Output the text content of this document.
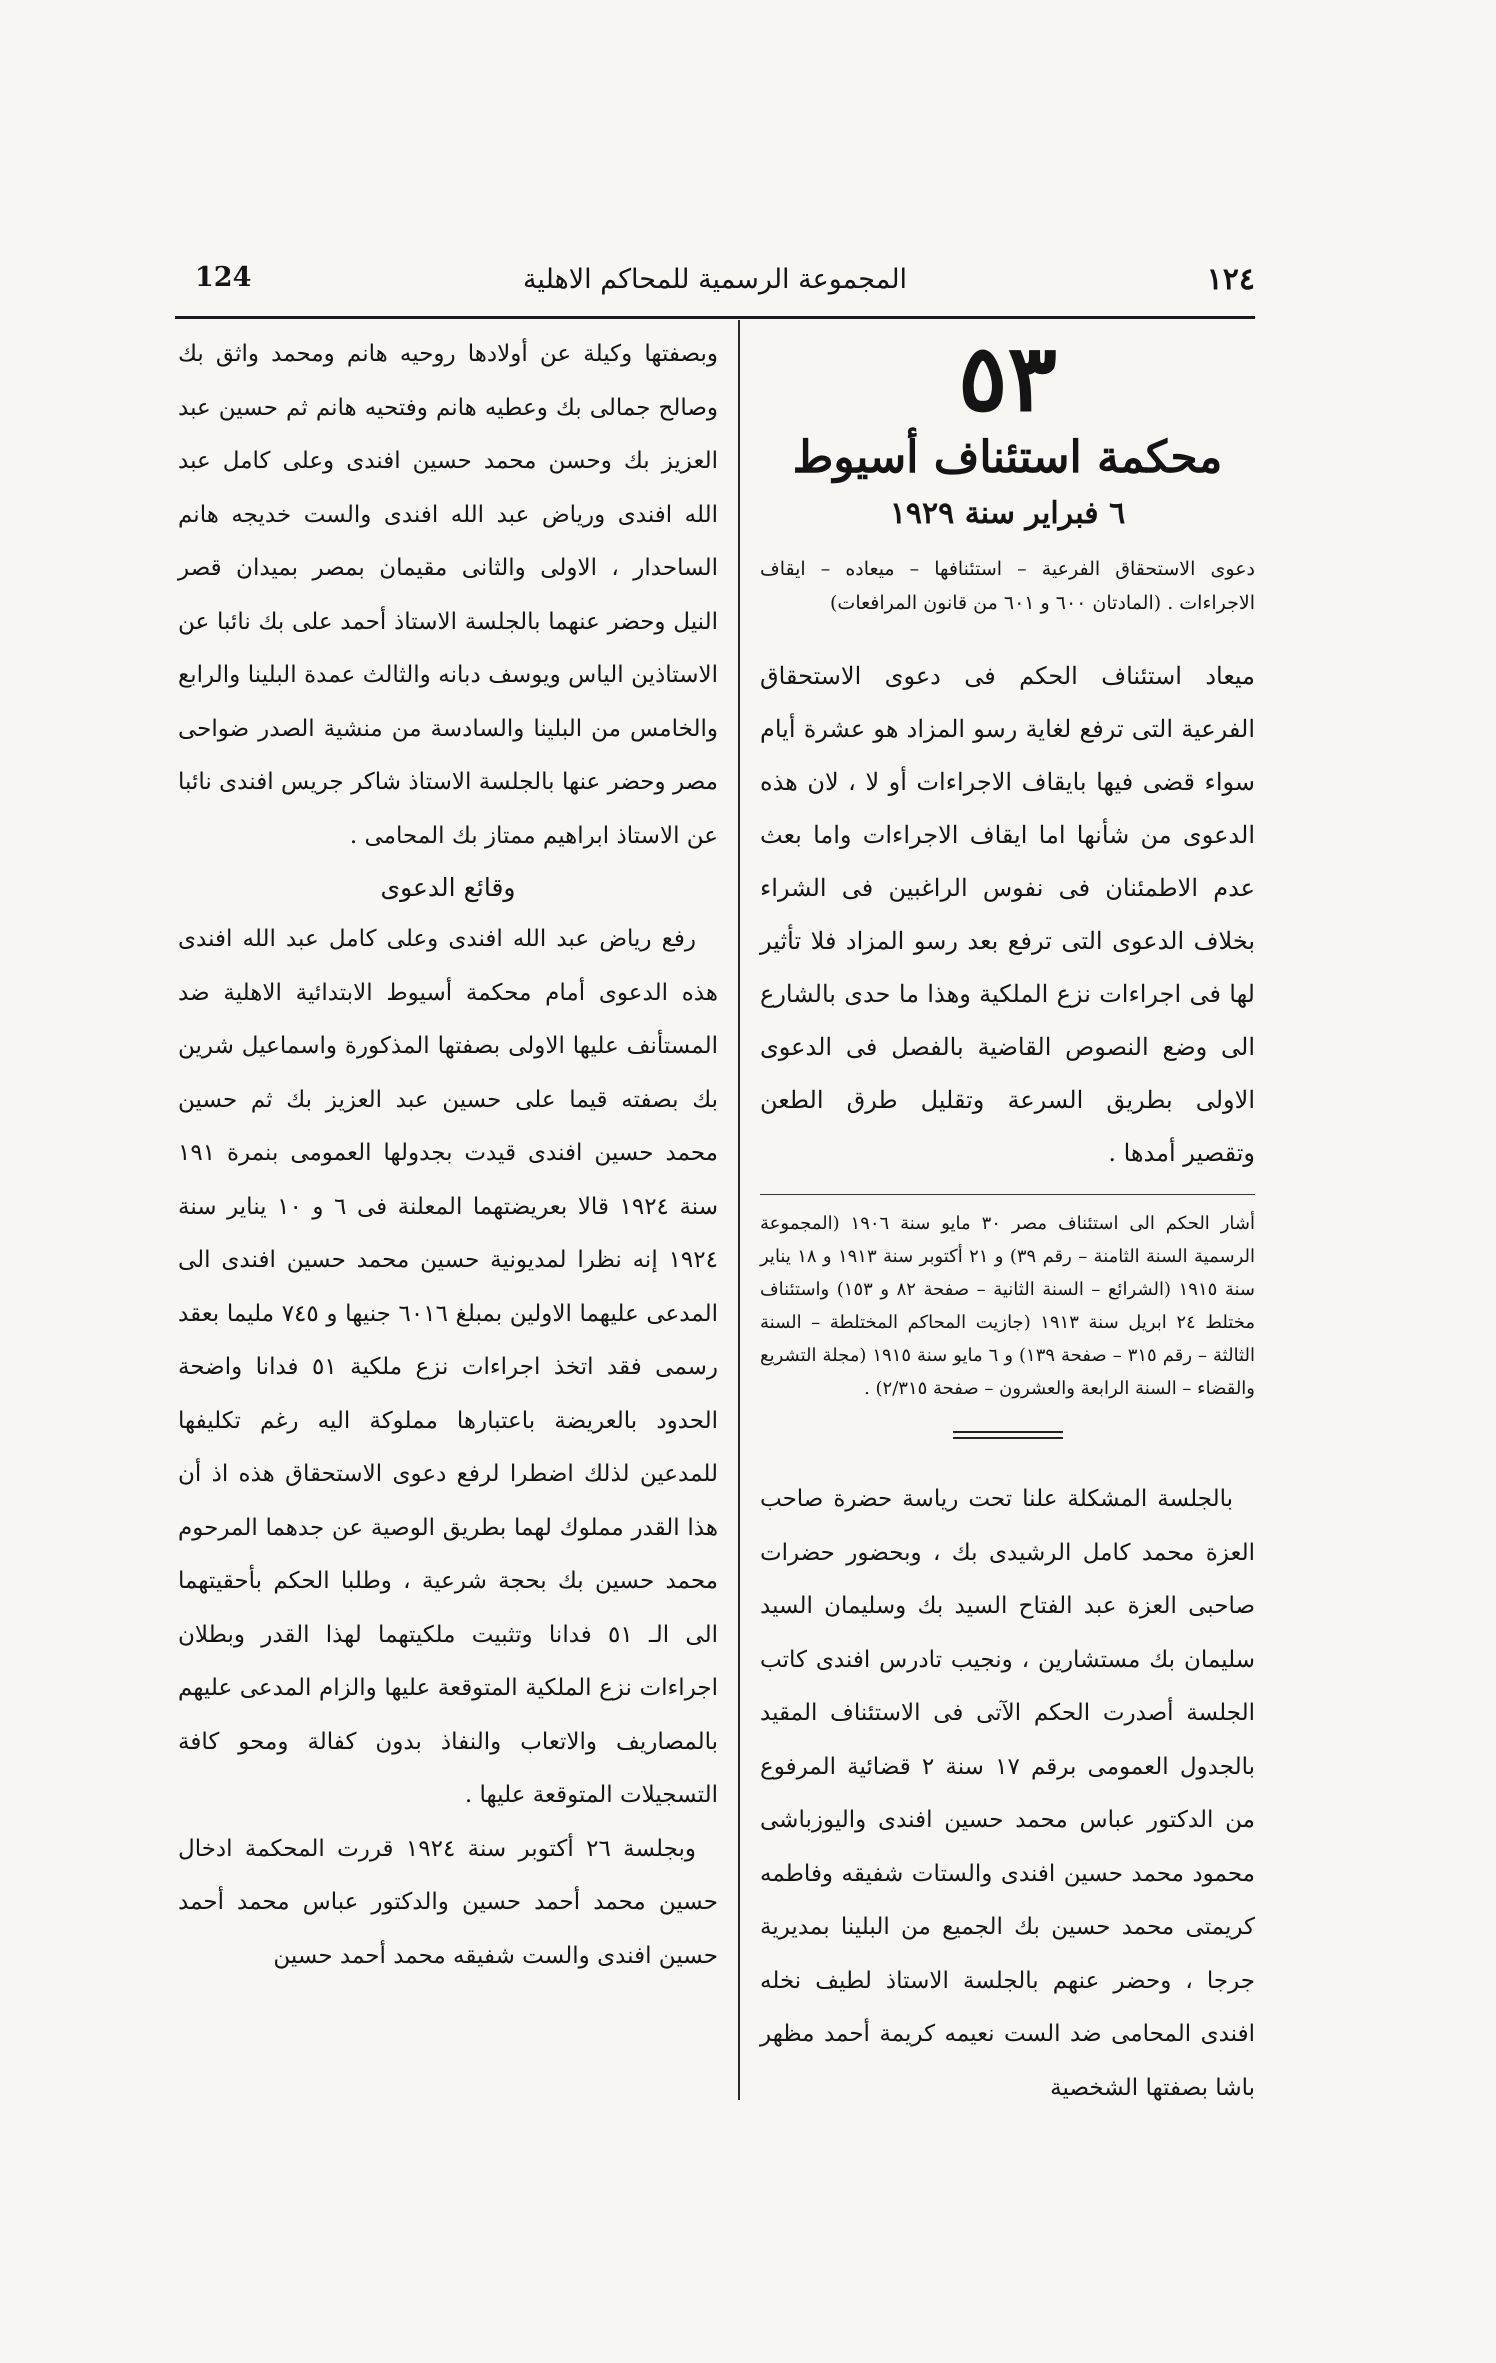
١٢٤
المجموعة الرسمية للمحاكم الاهلية
124

٥٣

محكمة استئناف أسيوط

٦ فبراير سنة ١٩٢٩

دعوى الاستحقاق الفرعية – استئنافها – ميعاده – ايقاف الاجراءات . (المادتان ٦٠٠ و ٦٠١ من قانون المرافعات)

ميعاد استئناف الحكم فى دعوى الاستحقاق الفرعية التى ترفع لغاية رسو المزاد هو عشرة أيام سواء قضى فيها بايقاف الاجراءات أو لا ، لان هذه الدعوى من شأنها اما ايقاف الاجراءات واما بعث عدم الاطمئنان فى نفوس الراغبين فى الشراء بخلاف الدعوى التى ترفع بعد رسو المزاد فلا تأثير لها فى اجراءات نزع الملكية وهذا ما حدى بالشارع الى وضع النصوص القاضية بالفصل فى الدعوى الاولى بطريق السرعة وتقليل طرق الطعن وتقصير أمدها .

أشار الحكم الى استئناف مصر ٣٠ مايو سنة ١٩٠٦ (المجموعة الرسمية السنة الثامنة – رقم ٣٩) و ٢١ أكتوبر سنة ١٩١٣ و ١٨ يناير سنة ١٩١٥ (الشرائع – السنة الثانية – صفحة ٨٢ و ١٥٣) واستئناف مختلط ٢٤ ابريل سنة ١٩١٣ (جازيت المحاكم المختلطة – السنة الثالثة – رقم ٣١٥ – صفحة ١٣٩) و ٦ مايو سنة ١٩١٥ (مجلة التشريع والقضاء – السنة الرابعة والعشرون – صفحة ٢/٣١٥) .

بالجلسة المشكلة علنا تحت رياسة حضرة صاحب العزة محمد كامل الرشيدى بك ، وبحضور حضرات صاحبى العزة عبد الفتاح السيد بك وسليمان السيد سليمان بك مستشارين ، ونجيب تادرس افندى كاتب الجلسة أصدرت الحكم الآتى فى الاستئناف المقيد بالجدول العمومى برقم ١٧ سنة ٢ قضائية المرفوع من الدكتور عباس محمد حسين افندى واليوزباشى محمود محمد حسين افندى والستات شفيقه وفاطمه كريمتى محمد حسين بك الجميع من البلينا بمديرية جرجا ، وحضر عنهم بالجلسة الاستاذ لطيف نخله افندى المحامى ضد الست نعيمه كريمة أحمد مظهر باشا بصفتها الشخصية

وبصفتها وكيلة عن أولادها روحيه هانم ومحمد واثق بك وصالح جمالى بك وعطيه هانم وفتحيه هانم ثم حسين عبد العزيز بك وحسن محمد حسين افندى وعلى كامل عبد الله افندى ورياض عبد الله افندى والست خديجه هانم الساحدار ، الاولى والثانى مقيمان بمصر بميدان قصر النيل وحضر عنهما بالجلسة الاستاذ أحمد على بك نائبا عن الاستاذين الياس ويوسف دبانه والثالث عمدة البلينا والرابع والخامس من البلينا والسادسة من منشية الصدر ضواحى مصر وحضر عنها بالجلسة الاستاذ شاكر جريس افندى نائبا عن الاستاذ ابراهيم ممتاز بك المحامى .

وقائع الدعوى

رفع رياض عبد الله افندى وعلى كامل عبد الله افندى هذه الدعوى أمام محكمة أسيوط الابتدائية الاهلية ضد المستأنف عليها الاولى بصفتها المذكورة واسماعيل شرين بك بصفته قيما على حسين عبد العزيز بك ثم حسين محمد حسين افندى قيدت بجدولها العمومى بنمرة ١٩١ سنة ١٩٢٤ قالا بعريضتهما المعلنة فى ٦ و ١٠ يناير سنة ١٩٢٤ إنه نظرا لمديونية حسين محمد حسين افندى الى المدعى عليهما الاولين بمبلغ ٦٠١٦ جنيها و ٧٤٥ مليما بعقد رسمى فقد اتخذ اجراءات نزع ملكية ٥١ فدانا واضحة الحدود بالعريضة باعتبارها مملوكة اليه رغم تكليفها للمدعين لذلك اضطرا لرفع دعوى الاستحقاق هذه اذ أن هذا القدر مملوك لهما بطريق الوصية عن جدهما المرحوم محمد حسين بك بحجة شرعية ، وطلبا الحكم بأحقيتهما الى الـ ٥١ فدانا وتثبيت ملكيتهما لهذا القدر وبطلان اجراءات نزع الملكية المتوقعة عليها والزام المدعى عليهم بالمصاريف والاتعاب والنفاذ بدون كفالة ومحو كافة التسجيلات المتوقعة عليها .

وبجلسة ٢٦ أكتوبر سنة ١٩٢٤ قررت المحكمة ادخال حسين محمد أحمد حسين والدكتور عباس محمد أحمد حسين افندى والست شفيقه محمد أحمد حسين
